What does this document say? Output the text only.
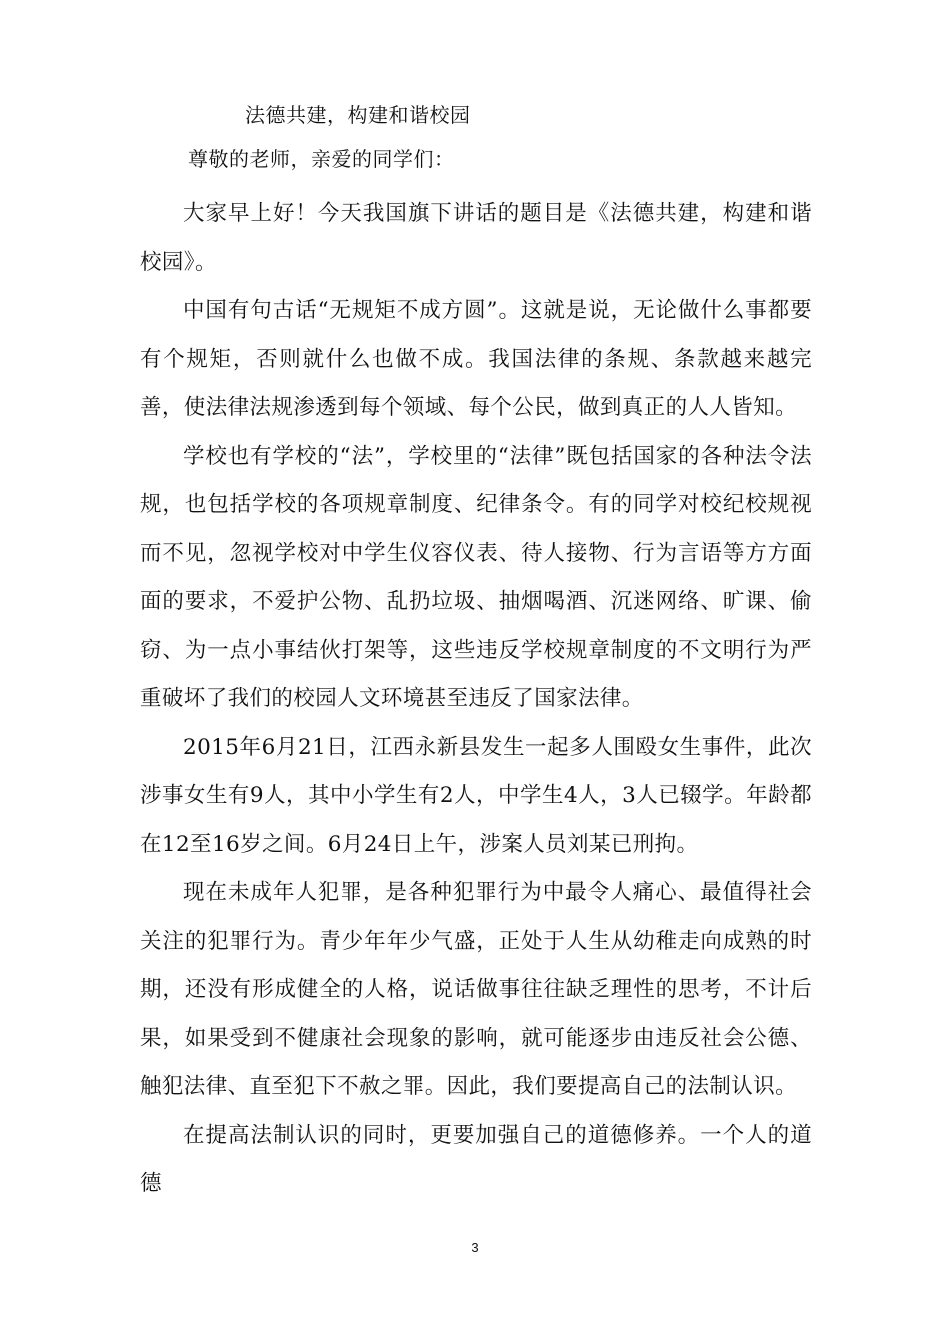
法德共建，构建和谐校园
尊敬的老师，亲爱的同学们：

大家早上好！今天我国旗下讲话的题目是《法德共建，构建和谐校园》。

中国有句古话“无规矩不成方圆”。这就是说，无论做什么事都要有个规矩，否则就什么也做不成。我国法律的条规、条款越来越完善，使法律法规渗透到每个领域、每个公民，做到真正的人人皆知。

学校也有学校的“法”，学校里的“法律”既包括国家的各种法令法规，也包括学校的各项规章制度、纪律条令。有的同学对校纪校规视而不见，忽视学校对中学生仪容仪表、待人接物、行为言语等方方面面的要求，不爱护公物、乱扔垃圾、抽烟喝酒、沉迷网络、旷课、偷窃、为一点小事结伙打架等，这些违反学校规章制度的不文明行为严重破坏了我们的校园人文环境甚至违反了国家法律。

2015年6月21日，江西永新县发生一起多人围殴女生事件，此次涉事女生有9人，其中小学生有2人，中学生4人，3人已辍学。年龄都在12至16岁之间。6月24日上午，涉案人员刘某已刑拘。

现在未成年人犯罪，是各种犯罪行为中最令人痛心、最值得社会关注的犯罪行为。青少年年少气盛，正处于人生从幼稚走向成熟的时期，还没有形成健全的人格，说话做事往往缺乏理性的思考，不计后果，如果受到不健康社会现象的影响，就可能逐步由违反社会公德、触犯法律、直至犯下不赦之罪。因此，我们要提高自己的法制认识。

在提高法制认识的同时，更要加强自己的道德修养。一个人的道德

3
